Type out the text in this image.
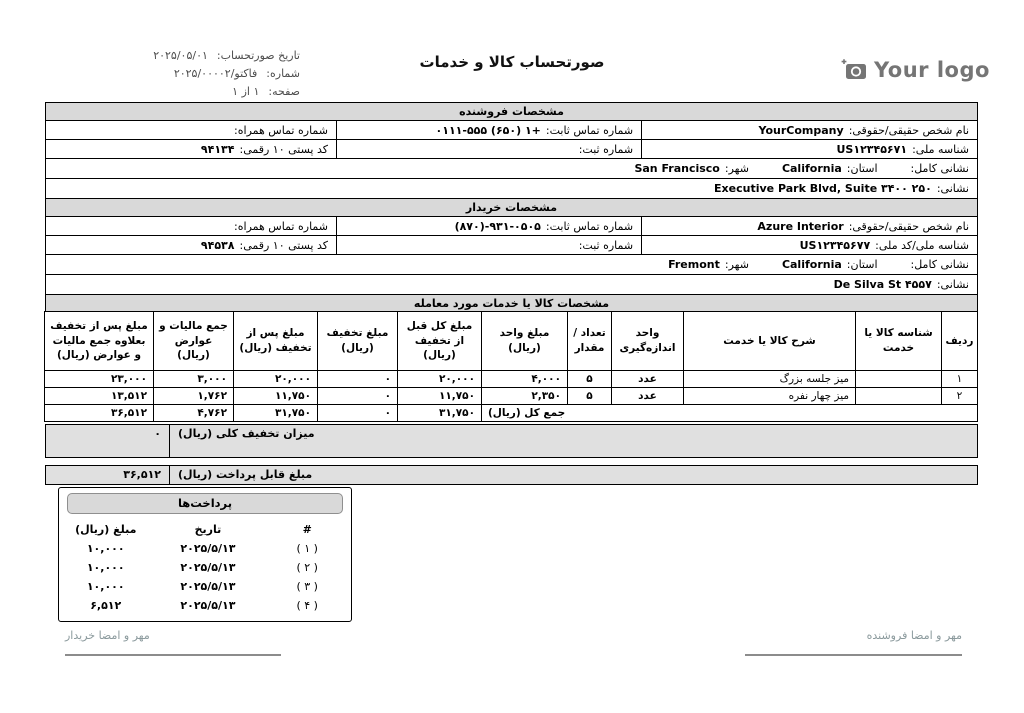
صورتحساب کالا و خدمات
تاریخ صورتحساب:
۲۰۲۵/۰۵/۰۱
شماره:
فاکتو/۲۰۲۵/۰۰۰۰۲
صفحه:
۱ از ۱
Your logo
مشخصات فروشنده
نام شخص حقیقی/حقوقی:
YourCompany
شماره تماس ثابت:
۰۱۱۱-۵۵۵ (۶۵۰) ۱+
شماره تماس همراه:
شناسه ملی:
US۱۲۳۴۵۶۷۱
شماره ثبت:
کد پستی ۱۰ رقمی:
۹۴۱۳۴
نشانی کامل:
استان:
California
شهر:
San Francisco
نشانی:
Executive Park Blvd, Suite ۳۴۰۰ ۲۵۰
مشخصات خریدار
نام شخص حقیقی/حقوقی:
Azure Interior
شماره تماس ثابت:
(۸۷۰)-۹۳۱-۰۵۰۵
شماره تماس همراه:
شناسه ملی/کد ملی:
US۱۲۳۴۵۶۷۷
شماره ثبت:
کد پستی ۱۰ رقمی:
۹۴۵۳۸
نشانی کامل:
استان:
California
شهر:
Fremont
نشانی:
De Silva St ۴۵۵۷
مشخصات کالا یا خدمات مورد معامله
ردیف	شناسه کالا یا خدمت	شرح کالا یا خدمت	واحد اندازه‌گیری	تعداد / مقدار	مبلغ واحد (ریال)	مبلغ کل قبل از تخفیف (ریال)	مبلغ تخفیف (ریال)	مبلغ پس از تخفیف (ریال)	جمع مالیات و عوارض (ریال)	مبلغ پس از تخفیف بعلاوه جمع مالیات و عوارض (ریال)
۱		میز جلسه بزرگ	عدد	۵	۴,۰۰۰	۲۰,۰۰۰	۰	۲۰,۰۰۰	۳,۰۰۰	۲۳,۰۰۰
۲		میز چهار نفره	عدد	۵	۲,۳۵۰	۱۱,۷۵۰	۰	۱۱,۷۵۰	۱,۷۶۲	۱۳,۵۱۲
جمع کل (ریال)						۳۱,۷۵۰	۰	۳۱,۷۵۰	۴,۷۶۲	۳۶,۵۱۲
میزان تخفیف کلی (ریال)
۰
مبلغ قابل پرداخت (ریال)
۳۶,۵۱۲
پرداخت‌ها
#	تاریخ	مبلغ (ریال)
( ۱ )	۲۰۲۵/۵/۱۳	۱۰,۰۰۰
( ۲ )	۲۰۲۵/۵/۱۳	۱۰,۰۰۰
( ۳ )	۲۰۲۵/۵/۱۳	۱۰,۰۰۰
( ۴ )	۲۰۲۵/۵/۱۳	۶,۵۱۲
مهر و امضا خریدار	مهر و امضا فروشنده
